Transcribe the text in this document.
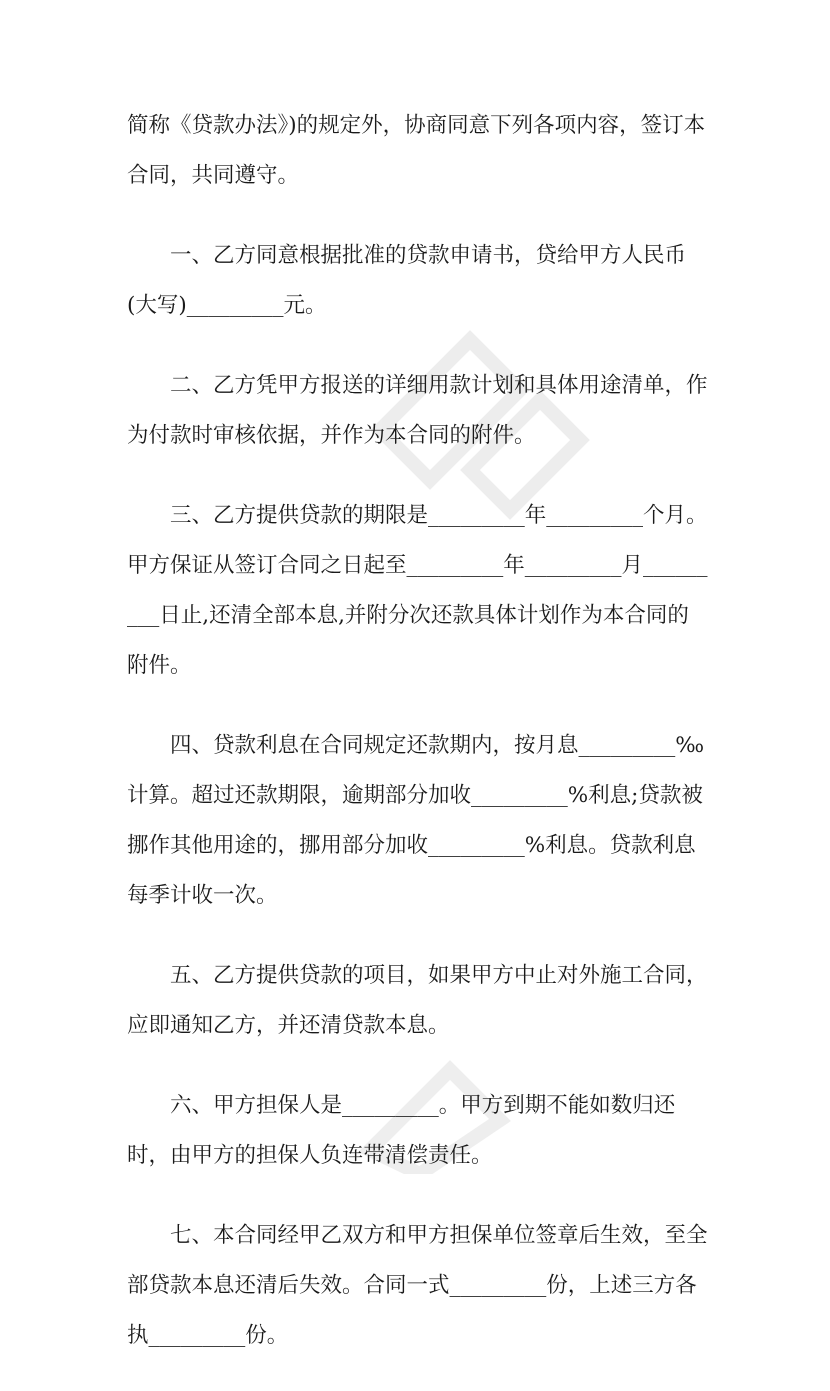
简称《贷款办法》)的规定外，协商同意下列各项内容，签订本合同，共同遵守。

一、乙方同意根据批准的贷款申请书，贷给甲方人民币(大写)_________元。

二、乙方凭甲方报送的详细用款计划和具体用途清单，作为付款时审核依据，并作为本合同的附件。

三、乙方提供贷款的期限是_________年_________个月。甲方保证从签订合同之日起至_________年_________月_________日止,还清全部本息,并附分次还款具体计划作为本合同的附件。

四、贷款利息在合同规定还款期内，按月息_________‰计算。超过还款期限，逾期部分加收_________%利息;贷款被挪作其他用途的，挪用部分加收_________%利息。贷款利息每季计收一次。

五、乙方提供贷款的项目，如果甲方中止对外施工合同，应即通知乙方，并还清贷款本息。

六、甲方担保人是_________。甲方到期不能如数归还时，由甲方的担保人负连带清偿责任。

七、本合同经甲乙双方和甲方担保单位签章后生效，至全部贷款本息还清后失效。合同一式_________份，上述三方各执_________份。
